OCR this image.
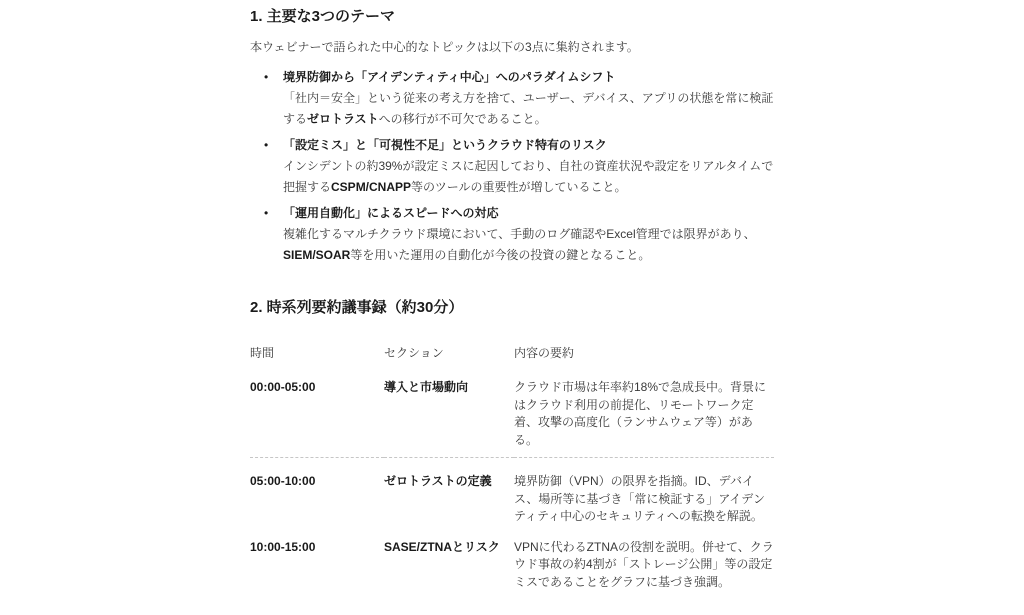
1. 主要な3つのテーマ

本ウェビナーで語られた中心的なトピックは以下の3点に集約されます。

• 境界防御から「アイデンティティ中心」へのパラダイムシフト
「社内＝安全」という従来の考え方を捨て、ユーザー、デバイス、アプリの状態を常に検証するゼロトラストへの移行が不可欠であること。
• 「設定ミス」と「可視性不足」というクラウド特有のリスク
インシデントの約39%が設定ミスに起因しており、自社の資産状況や設定をリアルタイムで把握するCSPM/CNAPP等のツールの重要性が増していること。
• 「運用自動化」によるスピードへの対応
複雑化するマルチクラウド環境において、手動のログ確認やExcel管理では限界があり、SIEM/SOAR等を用いた運用の自動化が今後の投資の鍵となること。
2. 時系列要約議事録（約30分）
時間	セクション	内容の要約
00:00-05:00	導入と市場動向	クラウド市場は年率約18%で急成長中。背景にはクラウド利用の前提化、リモートワーク定着、攻撃の高度化（ランサムウェア等）がある。
05:00-10:00	ゼロトラストの定義	境界防御（VPN）の限界を指摘。ID、デバイス、場所等に基づき「常に検証する」アイデンティティ中心のセキュリティへの転換を解説。
10:00-15:00	SASE/ZTNAとリスク	VPNに代わるZTNAの役割を説明。併せて、クラウド事故の約4割が「ストレージ公開」等の設定ミスであることをグラフに基づき強調。
